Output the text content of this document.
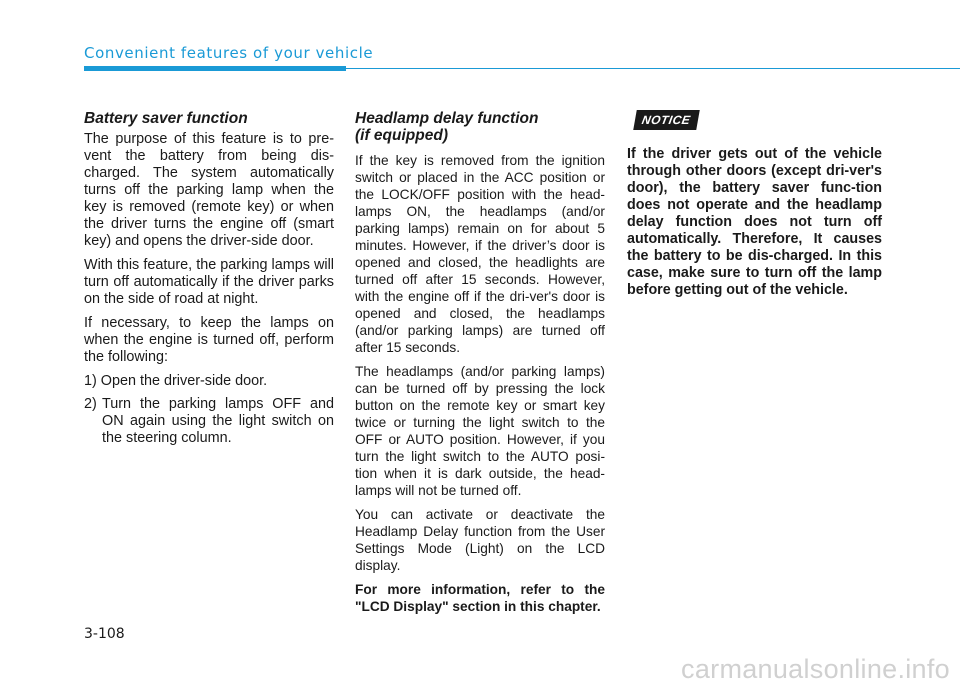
Convenient features of your vehicle
Battery saver function

The purpose of this feature is to pre-vent the battery from being dis-charged. The system automatically turns off the parking lamp when the key is removed (remote key) or when the driver turns the engine off (smart key) and opens the driver-side door.

With this feature, the parking lamps will turn off automatically if the driver parks on the side of road at night.

If necessary, to keep the lamps on when the engine is turned off, perform the following:

1) Open the driver-side door.
2) Turn the parking lamps OFF and ON again using the light switch on the steering column.
Headlamp delay function
(if equipped)

If the key is removed from the ignition switch or placed in the ACC position or the LOCK/OFF position with the head-lamps ON, the headlamps (and/or parking lamps) remain on for about 5 minutes. However, if the driver’s door is opened and closed, the headlights are turned off after 15 seconds. However, with the engine off if the dri-ver's door is opened and closed, the headlamps (and/or parking lamps) are turned off after 15 seconds.

The headlamps (and/or parking lamps) can be turned off by pressing the lock button on the remote key or smart key twice or turning the light switch to the OFF or AUTO position. However, if you turn the light switch to the AUTO posi-tion when it is dark outside, the head-lamps will not be turned off.

You can activate or deactivate the Headlamp Delay function from the User Settings Mode (Light) on the LCD display.

For more information, refer to the "LCD Display" section in this chapter.

NOTICE
If the driver gets out of the vehicle through other doors (except dri-ver's door), the battery saver func-tion does not operate and the headlamp delay function does not turn off automatically. Therefore, It causes the battery to be dis-charged. In this case, make sure to turn off the lamp before getting out of the vehicle.
3-108
carmanualsonline.info
